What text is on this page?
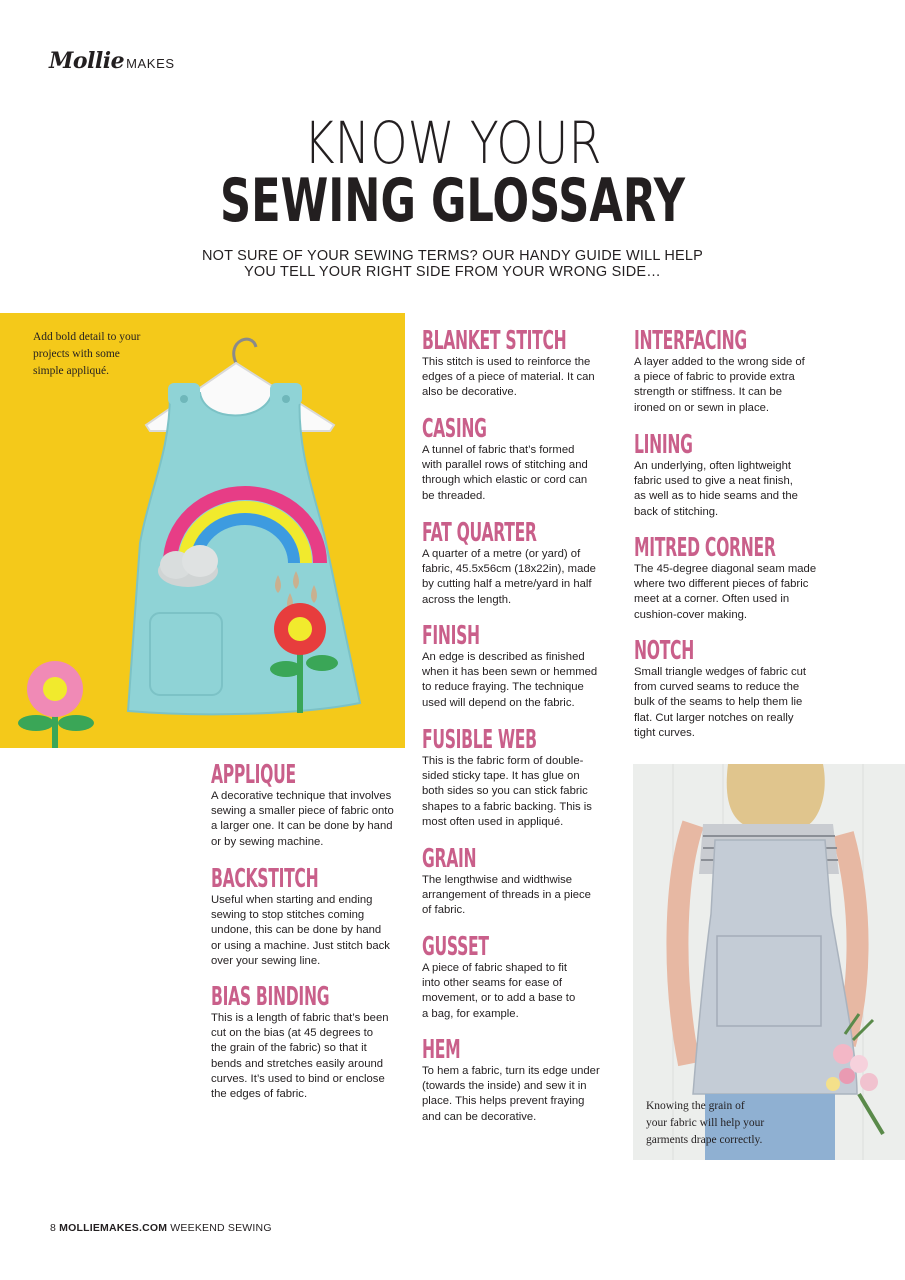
Mollie MAKES
KNOW YOUR
SEWING GLOSSARY
NOT SURE OF YOUR SEWING TERMS? OUR HANDY GUIDE WILL HELP
YOU TELL YOUR RIGHT SIDE FROM YOUR WRONG SIDE…
Add bold detail to your
projects with some
simple appliqué.
Knowing the grain of
your fabric will help your
garments drape correctly.
APPLIQUE

A decorative technique that involves
sewing a smaller piece of fabric onto
a larger one. It can be done by hand
or by sewing machine.

BACKSTITCH

Useful when starting and ending
sewing to stop stitches coming
undone, this can be done by hand
or using a machine. Just stitch back
over your sewing line.

BIAS BINDING

This is a length of fabric that’s been
cut on the bias (at 45 degrees to
the grain of the fabric) so that it
bends and stretches easily around
curves. It’s used to bind or enclose
the edges of fabric.

BLANKET STITCH

This stitch is used to reinforce the
edges of a piece of material. It can
also be decorative.

CASING

A tunnel of fabric that’s formed
with parallel rows of stitching and
through which elastic or cord can
be threaded.

FAT QUARTER

A quarter of a metre (or yard) of
fabric, 45.5x56cm (18x22in), made
by cutting half a metre/yard in half
across the length.

FINISH

An edge is described as finished
when it has been sewn or hemmed
to reduce fraying. The technique
used will depend on the fabric.

FUSIBLE WEB

This is the fabric form of double-
sided sticky tape. It has glue on
both sides so you can stick fabric
shapes to a fabric backing. This is
most often used in appliqué.

GRAIN

The lengthwise and widthwise
arrangement of threads in a piece
of fabric.

GUSSET

A piece of fabric shaped to fit
into other seams for ease of
movement, or to add a base to
a bag, for example.

HEM

To hem a fabric, turn its edge under
(towards the inside) and sew it in
place. This helps prevent fraying
and can be decorative.

INTERFACING

A layer added to the wrong side of
a piece of fabric to provide extra
strength or stiffness. It can be
ironed on or sewn in place.

LINING

An underlying, often lightweight
fabric used to give a neat finish,
as well as to hide seams and the
back of stitching.

MITRED CORNER

The 45-degree diagonal seam made
where two different pieces of fabric
meet at a corner. Often used in
cushion-cover making.

NOTCH

Small triangle wedges of fabric cut
from curved seams to reduce the
bulk of the seams to help them lie
flat. Cut larger notches on really
tight curves.

8 MOLLIEMAKES.COM WEEKEND SEWING
